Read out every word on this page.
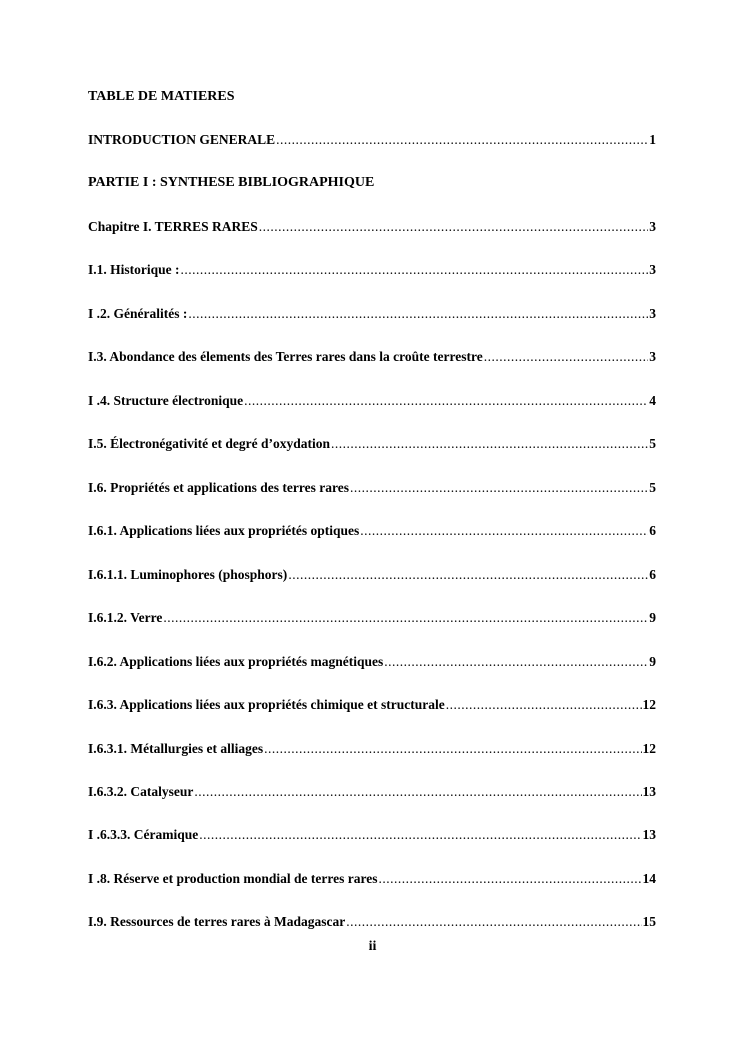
TABLE DE MATIERES
INTRODUCTION GENERALE .....	1
Chapitre I. TERRES RARES .....	3
I.1. Historique : .....	3
I .2. Généralités : .....	3
I.3. Abondance des élements des Terres rares dans la croûte terrestre .....	3
I .4. Structure électronique .....	4
I.5. Électronégativité et degré d’oxydation .....	5
I.6. Propriétés et applications des terres rares .....	5
I.6.1. Applications liées aux propriétés optiques .....	6
I.6.1.1. Luminophores (phosphors) .....	6
I.6.1.2. Verre .....	9
I.6.2. Applications liées aux propriétés magnétiques .....	9
I.6.3. Applications liées aux propriétés chimique et structurale .....	12
I.6.3.1. Métallurgies et alliages .....	12
I.6.3.2. Catalyseur .....	13
I .6.3.3. Céramique .....	13
I .8. Réserve et production mondial de terres rares .....	14
I.9. Ressources de terres rares à Madagascar .....	15
PARTIE I : SYNTHESE BIBLIOGRAPHIQUE
ii
